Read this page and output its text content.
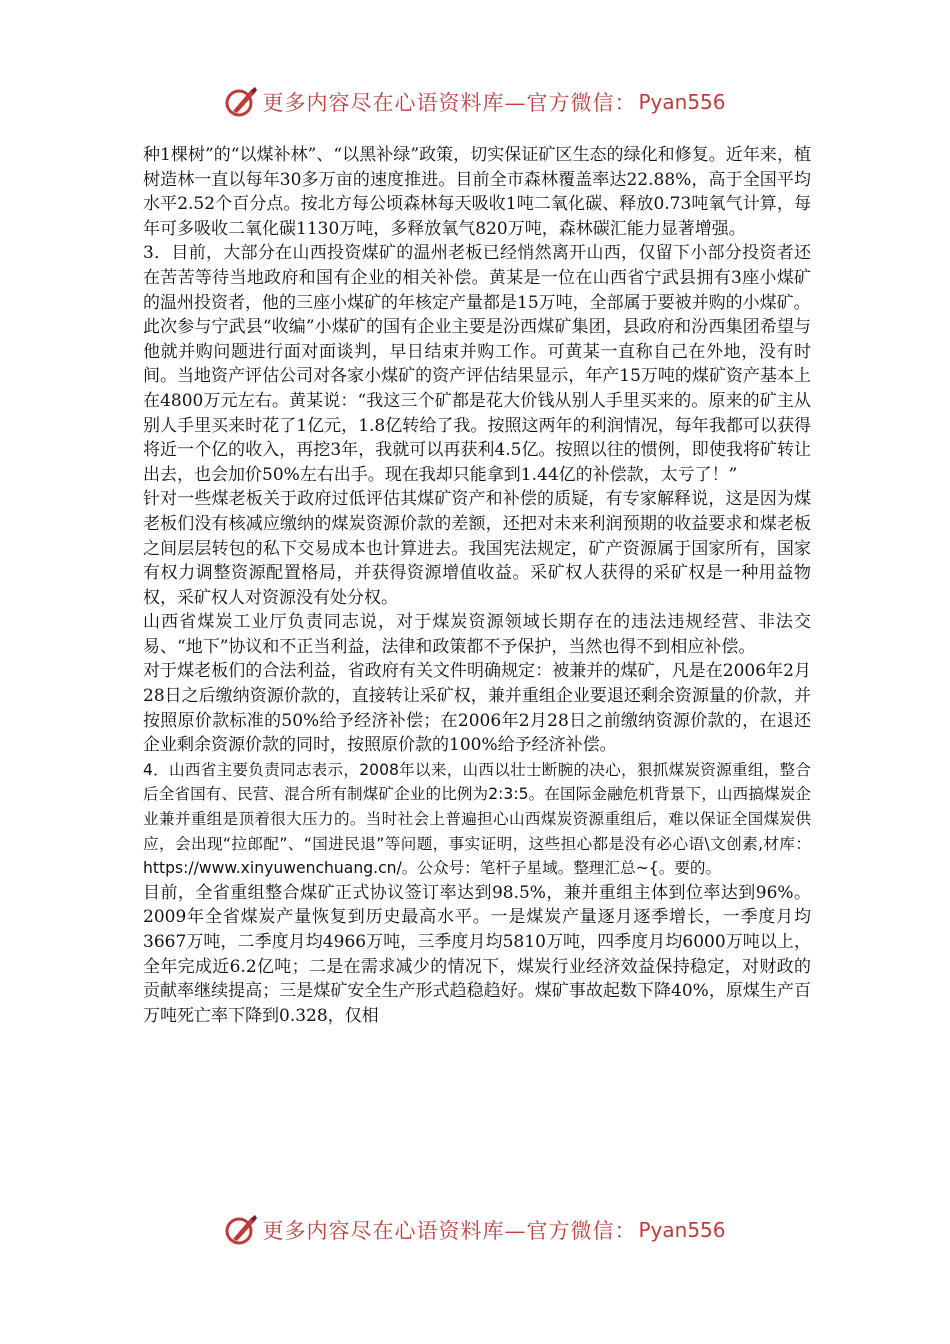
更多内容尽在心语资料库—官方微信： Pyan556

种1棵树”的“以煤补林”、“以黑补绿”政策，切实保证矿区生态的绿化和修复。近年来，植树造林一直以每年30多万亩的速度推进。目前全市森林覆盖率达22.88%，高于全国平均水平2.52个百分点。按北方每公顷森林每天吸收1吨二氧化碳、释放0.73吨氧气计算，每年可多吸收二氧化碳1130万吨，多释放氧气820万吨，森林碳汇能力显著增强。

3．目前，大部分在山西投资煤矿的温州老板已经悄然离开山西，仅留下小部分投资者还在苦苦等待当地政府和国有企业的相关补偿。黄某是一位在山西省宁武县拥有3座小煤矿的温州投资者，他的三座小煤矿的年核定产量都是15万吨，全部属于要被并购的小煤矿。

此次参与宁武县“收编”小煤矿的国有企业主要是汾西煤矿集团，县政府和汾西集团希望与他就并购问题进行面对面谈判，早日结束并购工作。可黄某一直称自己在外地，没有时间。当地资产评估公司对各家小煤矿的资产评估结果显示，年产15万吨的煤矿资产基本上在4800万元左右。黄某说：“我这三个矿都是花大价钱从别人手里买来的。原来的矿主从别人手里买来时花了1亿元，1.8亿转给了我。按照这两年的利润情况，每年我都可以获得将近一个亿的收入，再挖3年，我就可以再获利4.5亿。按照以往的惯例，即使我将矿转让出去，也会加价50%左右出手。现在我却只能拿到1.44亿的补偿款，太亏了！”

针对一些煤老板关于政府过低评估其煤矿资产和补偿的质疑，有专家解释说，这是因为煤老板们没有核减应缴纳的煤炭资源价款的差额，还把对未来利润预期的收益要求和煤老板之间层层转包的私下交易成本也计算进去。我国宪法规定，矿产资源属于国家所有，国家有权力调整资源配置格局，并获得资源增值收益。采矿权人获得的采矿权是一种用益物权，采矿权人对资源没有处分权。

山西省煤炭工业厅负责同志说，对于煤炭资源领域长期存在的违法违规经营、非法交易、“地下”协议和不正当利益，法律和政策都不予保护，当然也得不到相应补偿。

对于煤老板们的合法利益，省政府有关文件明确规定：被兼并的煤矿，凡是在2006年2月28日之后缴纳资源价款的，直接转让采矿权，兼并重组企业要退还剩余资源量的价款，并按照原价款标准的50%给予经济补偿；在2006年2月28日之前缴纳资源价款的，在退还企业剩余资源价款的同时，按照原价款的100%给予经济补偿。

4．山西省主要负责同志表示，2008年以来，山西以壮士断腕的决心，狠抓煤炭资源重组，整合后全省国有、民营、混合所有制煤矿企业的比例为2:3:5。在国际金融危机背景下，山西搞煤炭企业兼并重组是顶着很大压力的。当时社会上普遍担心山西煤炭资源重组后，难以保证全国煤炭供应，会出现“拉郎配”、“国进民退”等问题，事实证明，这些担心都是没有必心语\文创素,材库：https://www.xinyuwenchuang.cn/。公众号：笔杆子星域。整理汇总~{。要的。

目前，全省重组整合煤矿正式协议签订率达到98.5%，兼并重组主体到位率达到96%。2009年全省煤炭产量恢复到历史最高水平。一是煤炭产量逐月逐季增长，一季度月均3667万吨，二季度月均4966万吨，三季度月均5810万吨，四季度月均6000万吨以上，全年完成近6.2亿吨；二是在需求减少的情况下，煤炭行业经济效益保持稳定，对财政的贡献率继续提高；三是煤矿安全生产形式趋稳趋好。煤矿事故起数下降40%，原煤生产百万吨死亡率下降到0.328，仅相

更多内容尽在心语资料库—官方微信： Pyan556
